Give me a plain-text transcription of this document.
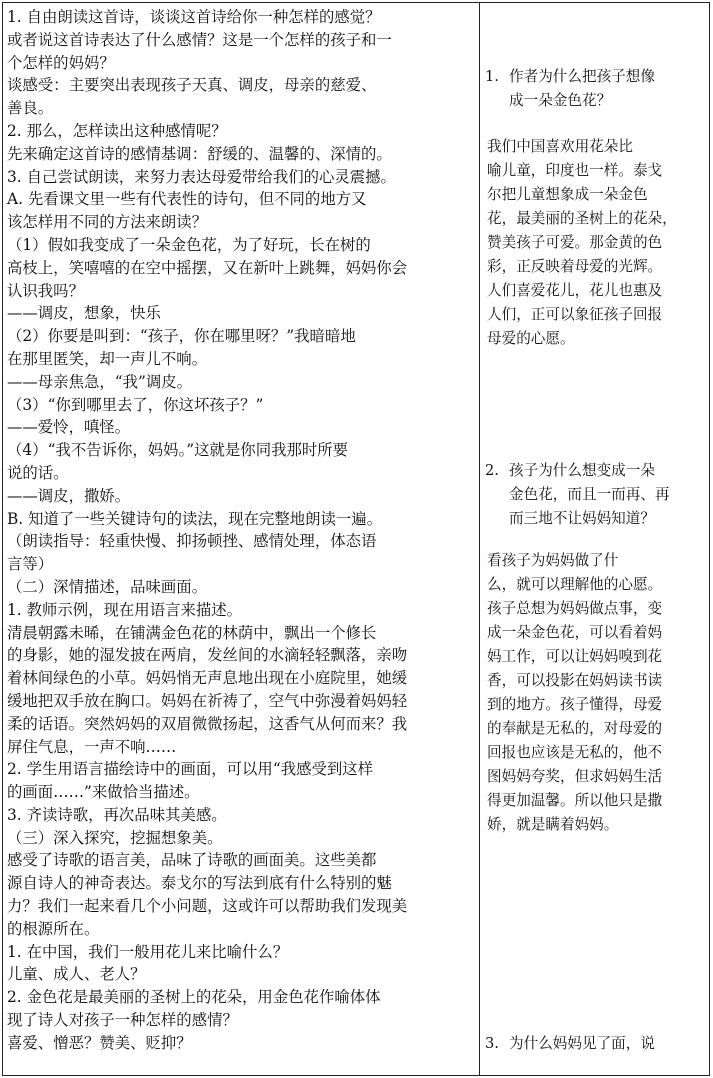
1. 自由朗读这首诗，谈谈这首诗给你一种怎样的感觉？
或者说这首诗表达了什么感情？这是一个怎样的孩子和一
个怎样的妈妈？
谈感受：主要突出表现孩子天真、调皮，母亲的慈爱、
善良。
2. 那么，怎样读出这种感情呢？
先来确定这首诗的感情基调：舒缓的、温馨的、深情的。
3. 自己尝试朗读，来努力表达母爱带给我们的心灵震撼。
A. 先看课文里一些有代表性的诗句，但不同的地方又
该怎样用不同的方法来朗读？
（1）假如我变成了一朵金色花，为了好玩，长在树的
高枝上，笑嘻嘻的在空中摇摆，又在新叶上跳舞，妈妈你会
认识我吗？
——调皮，想象，快乐
（2）你要是叫到：“孩子，你在哪里呀？”我暗暗地
在那里匿笑，却一声儿不响。
——母亲焦急，“我”调皮。
（3）“你到哪里去了，你这坏孩子？”
——爱怜，嗔怪。
（4）“我不告诉你，妈妈。”这就是你同我那时所要
说的话。
——调皮，撒娇。
B. 知道了一些关键诗句的读法，现在完整地朗读一遍。
（朗读指导：轻重快慢、抑扬顿挫、感情处理，体态语
言等）
（二）深情描述，品味画面。
1. 教师示例，现在用语言来描述。
清晨朝露未晞，在铺满金色花的林荫中，飘出一个修长
的身影，她的湿发披在两肩，发丝间的水滴轻轻飘落，亲吻
着林间绿色的小草。妈妈悄无声息地出现在小庭院里，她缓
缓地把双手放在胸口。妈妈在祈祷了，空气中弥漫着妈妈轻
柔的话语。突然妈妈的双眉微微扬起，这香气从何而来？我
屏住气息，一声不响……
2. 学生用语言描绘诗中的画面，可以用“我感受到这样
的画面……”来做恰当描述。
3. 齐读诗歌，再次品味其美感。
（三）深入探究，挖掘想象美。
感受了诗歌的语言美，品味了诗歌的画面美。这些美都
源自诗人的神奇表达。泰戈尔的写法到底有什么特别的魅
力？我们一起来看几个小问题，这或许可以帮助我们发现美
的根源所在。
1. 在中国，我们一般用花儿来比喻什么？
儿童、成人、老人？
2. 金色花是最美丽的圣树上的花朵，用金色花作喻体体
现了诗人对孩子一种怎样的感情？
喜爱、憎恶？赞美、贬抑？
1. 作者为什么把孩子想像
成一朵金色花？
我们中国喜欢用花朵比
喻儿童，印度也一样。泰戈
尔把儿童想象成一朵金色
花，最美丽的圣树上的花朵，
赞美孩子可爱。那金黄的色
彩，正反映着母爱的光辉。
人们喜爱花儿，花儿也惠及
人们，正可以象征孩子回报
母爱的心愿。
2. 孩子为什么想变成一朵
金色花，而且一而再、再
而三地不让妈妈知道？
看孩子为妈妈做了什
么，就可以理解他的心愿。
孩子总想为妈妈做点事，变
成一朵金色花，可以看着妈
妈工作，可以让妈妈嗅到花
香，可以投影在妈妈读书读
到的地方。孩子懂得，母爱
的奉献是无私的，对母爱的
回报也应该是无私的，他不
图妈妈夸奖，但求妈妈生活
得更加温馨。所以他只是撒
娇，就是瞒着妈妈。
3. 为什么妈妈见了面，说
